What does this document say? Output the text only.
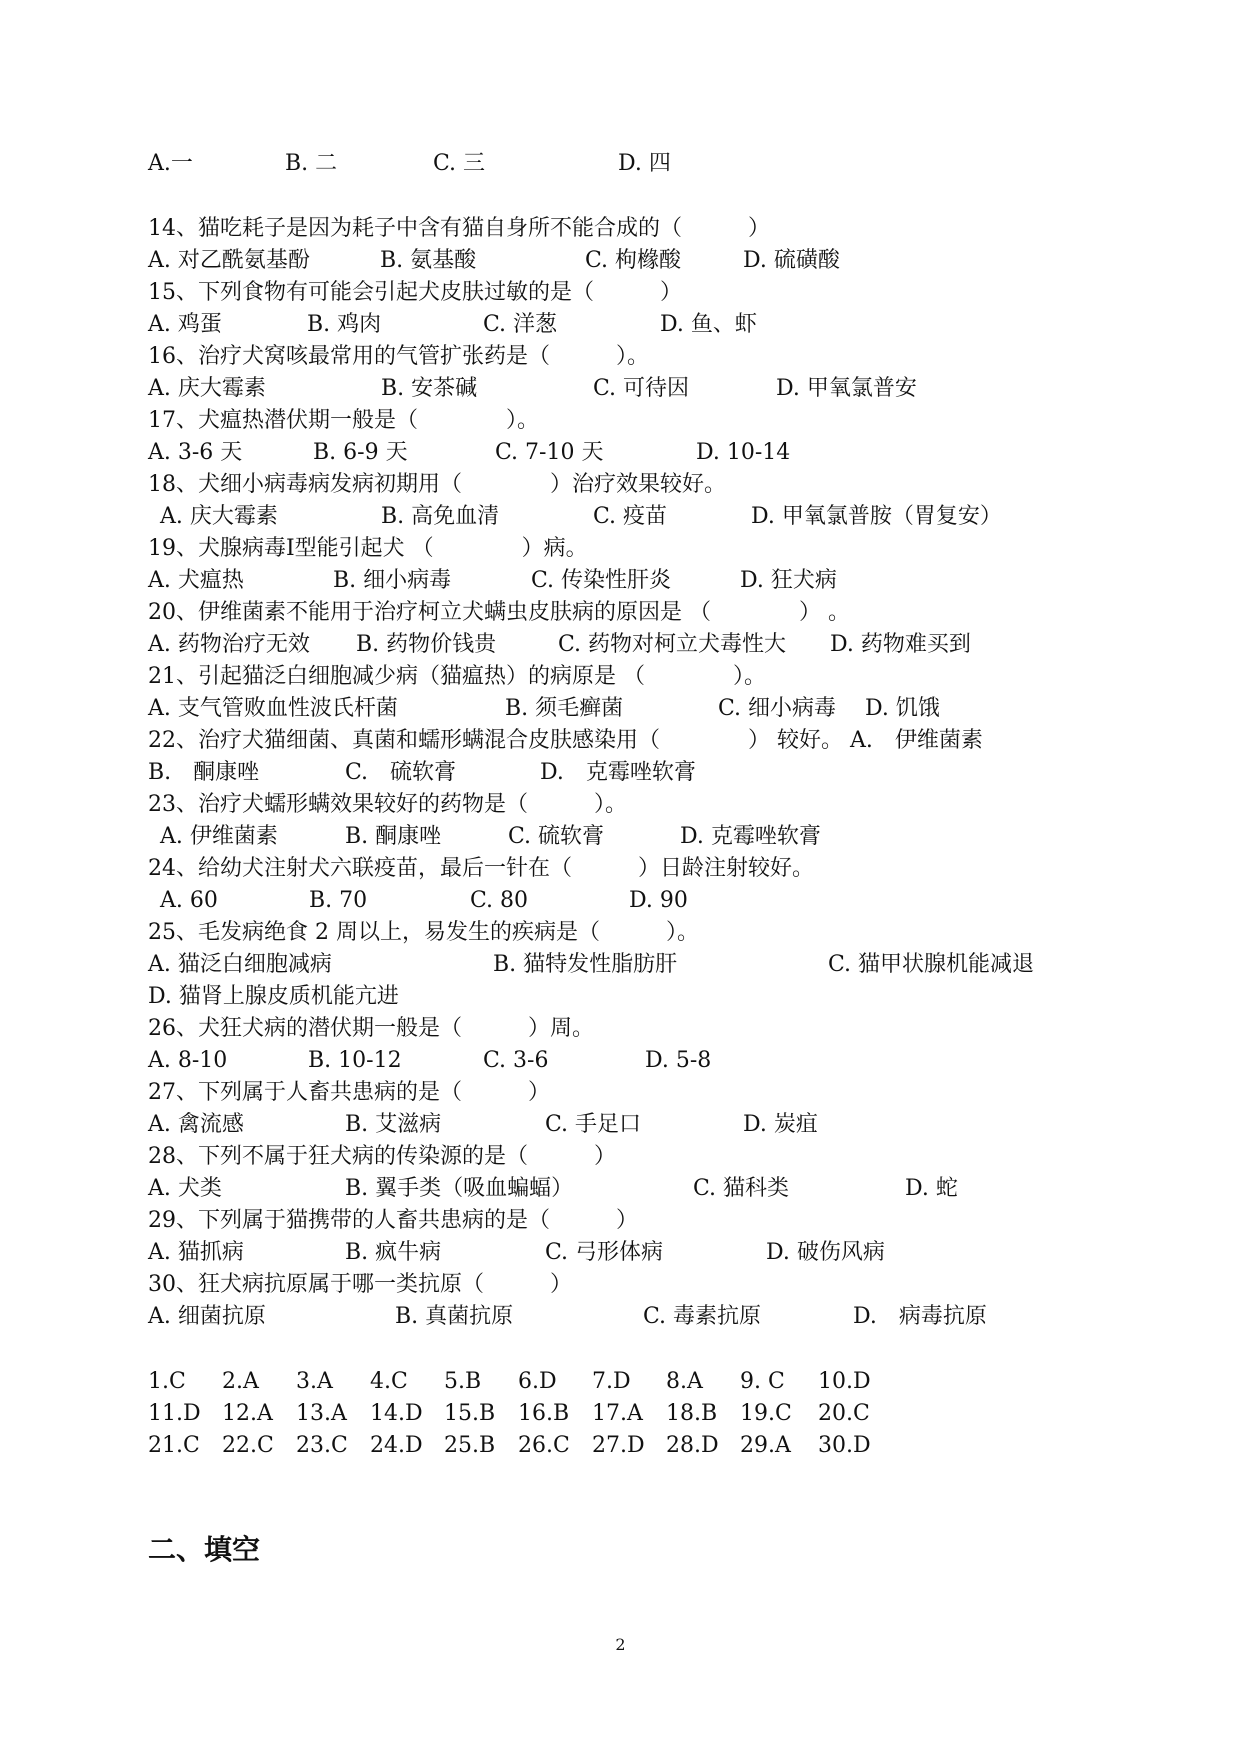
A.一	B. 二	C. 三	D. 四
14、猫吃耗子是因为耗子中含有猫自身所不能合成的（　　　）
A. 对乙酰氨基酚	B. 氨基酸	C. 枸橼酸	D. 硫磺酸
15、下列食物有可能会引起犬皮肤过敏的是（　　　）
A. 鸡蛋	B. 鸡肉	C. 洋葱	D. 鱼、虾
16、治疗犬窝咳最常用的气管扩张药是（　　　）。
A. 庆大霉素	B. 安茶碱	C. 可待因	D. 甲氧氯普安
17、犬瘟热潜伏期一般是（　　　　）。
A. 3-6 天	B. 6-9 天	C. 7-10 天	D. 10-14
18、犬细小病毒病发病初期用（　　　　）治疗效果较好。
A. 庆大霉素	B. 高免血清	C. 疫苗	D. 甲氧氯普胺（胃复安）
19、犬腺病毒Ⅰ型能引起犬 （　　　　）病。
A. 犬瘟热	B. 细小病毒	C. 传染性肝炎	D. 狂犬病
20、伊维菌素不能用于治疗柯立犬螨虫皮肤病的原因是 （　　　　） 。
A. 药物治疗无效 B. 药物价钱贵	C. 药物对柯立犬毒性大 D. 药物难买到
21、引起猫泛白细胞减少病（猫瘟热）的病原是 （　　　　）。
A. 支气管败血性波氏杆菌	B. 须毛癣菌	C. 细小病毒 D. 饥饿
22、治疗犬猫细菌、真菌和蠕形螨混合皮肤感染用（　　　　） 较好。 A.　伊维菌素
B.　酮康唑	C.　硫软膏	D.　克霉唑软膏
23、治疗犬蠕形螨效果较好的药物是（　　　）。
A. 伊维菌素	B. 酮康唑	C. 硫软膏	D. 克霉唑软膏
24、给幼犬注射犬六联疫苗，最后一针在（　　　）日龄注射较好。
A. 60	B. 70	C. 80	D. 90
25、毛发病绝食 2 周以上，易发生的疾病是（　　　）。
A. 猫泛白细胞减病	B. 猫特发性脂肪肝	C. 猫甲状腺机能减退
D. 猫肾上腺皮质机能亢进
26、犬狂犬病的潜伏期一般是（　　　）周。
A. 8-10	B. 10-12	C. 3-6	D. 5-8
27、下列属于人畜共患病的是（　　　）
A. 禽流感	B. 艾滋病	C. 手足口	D. 炭疽
28、下列不属于狂犬病的传染源的是（　　　）
A. 犬类	B. 翼手类（吸血蝙蝠）	C. 猫科类	D. 蛇
29、下列属于猫携带的人畜共患病的是（　　　）
A. 猫抓病	B. 疯牛病	C. 弓形体病	D. 破伤风病
30、狂犬病抗原属于哪一类抗原（　　　）
A. 细菌抗原	B. 真菌抗原	C. 毒素抗原	D.　病毒抗原
1.C 2.A 3.A 4.C 5.B 6.D 7.D 8.A 9. C 10.D
11.D 12.A 13.A 14.D 15.B 16.B 17.A 18.B 19.C 20.C
21.C 22.C 23.C 24.D 25.B 26.C 27.D 28.D 29.A 30.D
二、填空
2
